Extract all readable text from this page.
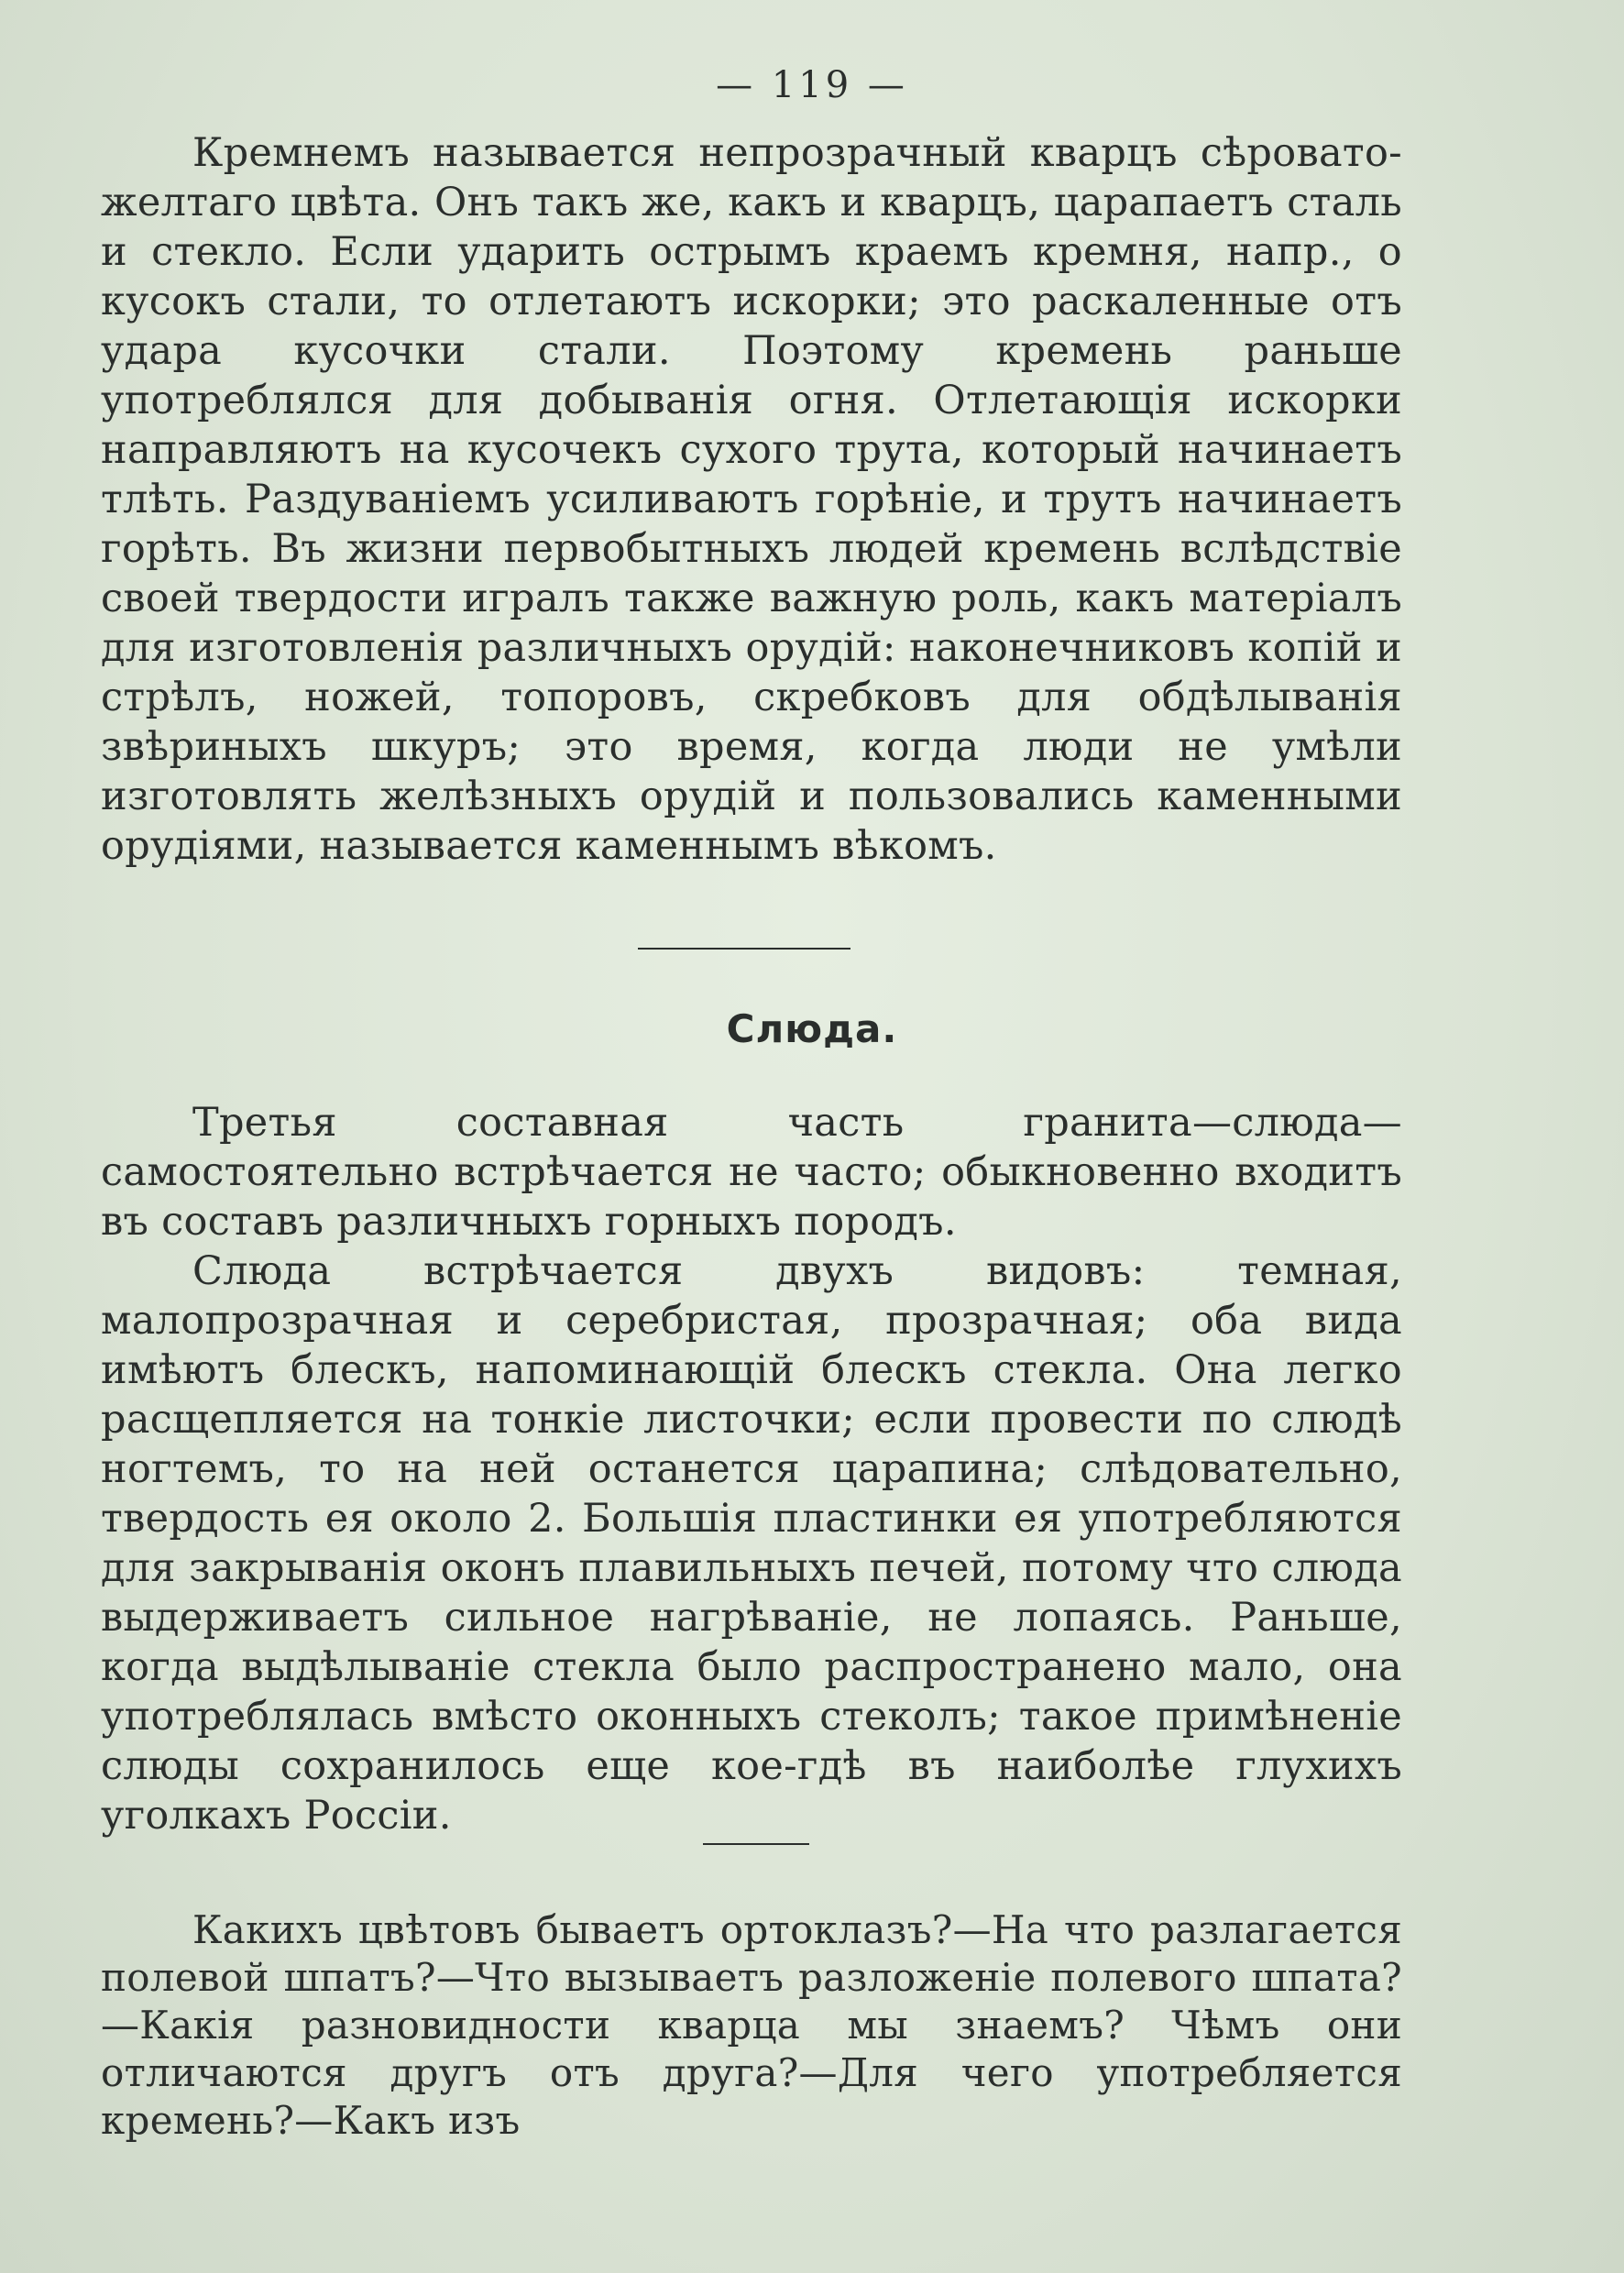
— 119 —

Кремнемъ называется непрозрачный кварцъ сѣровато-желтаго цвѣта. Онъ такъ же, какъ и кварцъ, царапаетъ сталь и стекло. Если ударить острымъ краемъ кремня, напр., о кусокъ стали, то отлетаютъ искорки; это раскаленные отъ удара кусочки стали. Поэтому кремень раньше употреблялся для добыванія огня. Отлетающія искорки направляютъ на кусочекъ сухого трута, который начинаетъ тлѣть. Раздуваніемъ усиливаютъ горѣніе, и трутъ начинаетъ горѣть. Въ жизни первобытныхъ людей кремень вслѣдствіе своей твердости игралъ также важную роль, какъ матеріалъ для изготовленія различныхъ орудій: наконечниковъ копій и стрѣлъ, ножей, топоровъ, скребковъ для обдѣлыванія звѣриныхъ шкуръ; это время, когда люди не умѣли изготовлять желѣзныхъ орудій и пользовались каменными орудіями, называется каменнымъ вѣкомъ.

Слюда.

Третья составная часть гранита—слюда—самостоятельно встрѣчается не часто; обыкновенно входитъ въ составъ различныхъ горныхъ породъ.

Слюда встрѣчается двухъ видовъ: темная, малопрозрачная и серебристая, прозрачная; оба вида имѣютъ блескъ, напоминающій блескъ стекла. Она легко расщепляется на тонкіе листочки; если провести по слюдѣ ногтемъ, то на ней останется царапина; слѣдовательно, твердость ея около 2. Большія пластинки ея употребляются для закрыванія оконъ плавильныхъ печей, потому что слюда выдерживаетъ сильное нагрѣваніе, не лопаясь. Раньше, когда выдѣлываніе стекла было распространено мало, она употреблялась вмѣсто оконныхъ стеколъ; такое примѣненіе слюды сохранилось еще кое-гдѣ въ наиболѣе глухихъ уголкахъ Россіи.

Какихъ цвѣтовъ бываетъ ортоклазъ?—На что разлагается полевой шпатъ?—Что вызываетъ разложеніе полевого шпата?—Какія разновидности кварца мы знаемъ? Чѣмъ они отличаются другъ отъ друга?—Для чего употребляется кремень?—Какъ изъ
